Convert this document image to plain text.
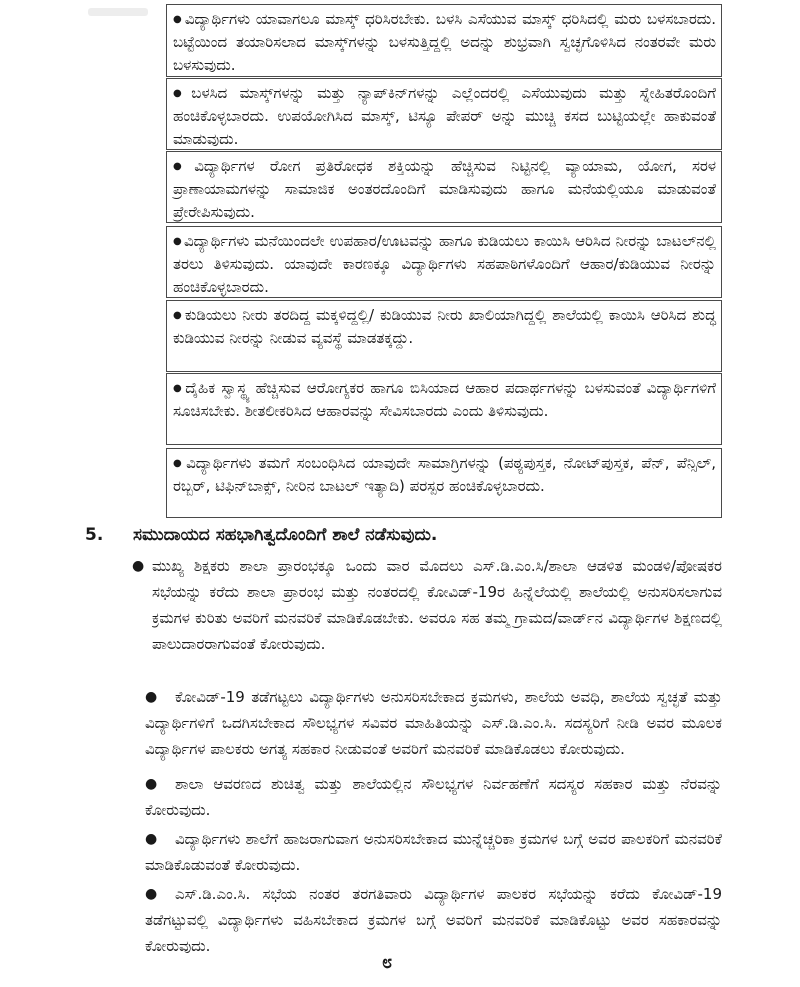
● ವಿದ್ಯಾರ್ಥಿಗಳು ಯಾವಾಗಲೂ ಮಾಸ್ಕ್ ಧರಿಸಿರಬೇಕು. ಬಳಸಿ ಎಸೆಯುವ ಮಾಸ್ಕ್ ಧರಿಸಿದಲ್ಲಿ ಮರು ಬಳಸಬಾರದು. ಬಟ್ಟೆಯಿಂದ ತಯಾರಿಸಲಾದ ಮಾಸ್ಕ್‌ಗಳನ್ನು ಬಳಸುತ್ತಿದ್ದಲ್ಲಿ ಅದನ್ನು ಶುಭ್ರವಾಗಿ ಸ್ವಚ್ಛಗೊಳಿಸಿದ ನಂತರವೇ ಮರು ಬಳಸುವುದು.
● ಬಳಸಿದ ಮಾಸ್ಕ್‌ಗಳನ್ನು ಮತ್ತು ನ್ಯಾಪ್‌ಕಿನ್‌ಗಳನ್ನು ಎಲ್ಲೆಂದರಲ್ಲಿ ಎಸೆಯುವುದು ಮತ್ತು ಸ್ನೇಹಿತರೊಂದಿಗೆ ಹಂಚಿಕೊಳ್ಳಬಾರದು. ಉಪಯೋಗಿಸಿದ ಮಾಸ್ಕ್, ಟಿಸ್ಯೂ ಪೇಪರ್ ಅನ್ನು ಮುಚ್ಚಿ ಕಸದ ಬುಟ್ಟಿಯಲ್ಲೇ ಹಾಕುವಂತೆ ಮಾಡುವುದು.
● ವಿದ್ಯಾರ್ಥಿಗಳ ರೋಗ ಪ್ರತಿರೋಧಕ ಶಕ್ತಿಯನ್ನು ಹೆಚ್ಚಿಸುವ ನಿಟ್ಟಿನಲ್ಲಿ ವ್ಯಾಯಾಮ, ಯೋಗ, ಸರಳ ಪ್ರಾಣಾಯಾಮಗಳನ್ನು ಸಾಮಾಜಿಕ ಅಂತರದೊಂದಿಗೆ ಮಾಡಿಸುವುದು ಹಾಗೂ ಮನೆಯಲ್ಲಿಯೂ ಮಾಡುವಂತೆ ಪ್ರೇರೇಪಿಸುವುದು.
● ವಿದ್ಯಾರ್ಥಿಗಳು ಮನೆಯಿಂದಲೇ ಉಪಹಾರ/ಊಟವನ್ನು ಹಾಗೂ ಕುಡಿಯಲು ಕಾಯಿಸಿ ಆರಿಸಿದ ನೀರನ್ನು ಬಾಟಲ್‌ನಲ್ಲಿ ತರಲು ತಿಳಿಸುವುದು. ಯಾವುದೇ ಕಾರಣಕ್ಕೂ ವಿದ್ಯಾರ್ಥಿಗಳು ಸಹಪಾಠಿಗಳೊಂದಿಗೆ ಆಹಾರ/ಕುಡಿಯುವ ನೀರನ್ನು ಹಂಚಿಕೊಳ್ಳಬಾರದು.
● ಕುಡಿಯಲು ನೀರು ತರದಿದ್ದ ಮಕ್ಕಳಿದ್ದಲ್ಲಿ/ ಕುಡಿಯುವ ನೀರು ಖಾಲಿಯಾಗಿದ್ದಲ್ಲಿ ಶಾಲೆಯಲ್ಲಿ ಕಾಯಿಸಿ ಆರಿಸಿದ ಶುದ್ಧ ಕುಡಿಯುವ ನೀರನ್ನು ನೀಡುವ ವ್ಯವಸ್ಥೆ ಮಾಡತಕ್ಕದ್ದು.
● ದೈಹಿಕ ಸ್ವಾಸ್ಥ್ಯ ಹೆಚ್ಚಿಸುವ ಆರೋಗ್ಯಕರ ಹಾಗೂ ಬಿಸಿಯಾದ ಆಹಾರ ಪದಾರ್ಥಗಳನ್ನು ಬಳಸುವಂತೆ ವಿದ್ಯಾರ್ಥಿಗಳಿಗೆ ಸೂಚಿಸಬೇಕು. ಶೀತಲೀಕರಿಸಿದ ಆಹಾರವನ್ನು ಸೇವಿಸಬಾರದು ಎಂದು ತಿಳಿಸುವುದು.
● ವಿದ್ಯಾರ್ಥಿಗಳು ತಮಗೆ ಸಂಬಂಧಿಸಿದ ಯಾವುದೇ ಸಾಮಾಗ್ರಿಗಳನ್ನು (ಪಠ್ಯಪುಸ್ತಕ, ನೋಟ್‌ಪುಸ್ತಕ, ಪೆನ್, ಪೆನ್ಸಿಲ್, ರಬ್ಬರ್, ಟಿಫಿನ್‌ಬಾಕ್ಸ್, ನೀರಿನ ಬಾಟಲ್ ಇತ್ಯಾದಿ) ಪರಸ್ಪರ ಹಂಚಿಕೊಳ್ಳಬಾರದು.
5. ಸಮುದಾಯದ ಸಹಭಾಗಿತ್ವದೊಂದಿಗೆ ಶಾಲೆ ನಡೆಸುವುದು.
● ಮುಖ್ಯ ಶಿಕ್ಷಕರು ಶಾಲಾ ಪ್ರಾರಂಭಕ್ಕೂ ಒಂದು ವಾರ ಮೊದಲು ಎಸ್.ಡಿ.ಎಂ.ಸಿ/ಶಾಲಾ ಆಡಳಿತ ಮಂಡಳಿ/ಪೋಷಕರ ಸಭೆಯನ್ನು ಕರೆದು ಶಾಲಾ ಪ್ರಾರಂಭ ಮತ್ತು ನಂತರದಲ್ಲಿ ಕೋವಿಡ್-19ರ ಹಿನ್ನೆಲೆಯಲ್ಲಿ ಶಾಲೆಯಲ್ಲಿ ಅನುಸರಿಸಲಾಗುವ ಕ್ರಮಗಳ ಕುರಿತು ಅವರಿಗೆ ಮನವರಿಕೆ ಮಾಡಿಕೊಡಬೇಕು. ಅವರೂ ಸಹ ತಮ್ಮ ಗ್ರಾಮದ/ವಾರ್ಡ್‌ನ ವಿದ್ಯಾರ್ಥಿಗಳ ಶಿಕ್ಷಣದಲ್ಲಿ ಪಾಲುದಾರರಾಗುವಂತೆ ಕೋರುವುದು.
●	ಕೋವಿಡ್-19 ತಡೆಗಟ್ಟಲು ವಿದ್ಯಾರ್ಥಿಗಳು ಅನುಸರಿಸಬೇಕಾದ ಕ್ರಮಗಳು, ಶಾಲೆಯ ಅವಧಿ, ಶಾಲೆಯ ಸ್ವಚ್ಛತೆ ಮತ್ತು ವಿದ್ಯಾರ್ಥಿಗಳಿಗೆ ಒದಗಿಸಬೇಕಾದ ಸೌಲಭ್ಯಗಳ ಸವಿವರ ಮಾಹಿತಿಯನ್ನು ಎಸ್.ಡಿ.ಎಂ.ಸಿ. ಸದಸ್ಯರಿಗೆ ನೀಡಿ ಅವರ ಮೂಲಕ ವಿದ್ಯಾರ್ಥಿಗಳ ಪಾಲಕರು ಅಗತ್ಯ ಸಹಕಾರ ನೀಡುವಂತೆ ಅವರಿಗೆ ಮನವರಿಕೆ ಮಾಡಿಕೊಡಲು ಕೋರುವುದು.
●	ಶಾಲಾ ಆವರಣದ ಶುಚಿತ್ವ ಮತ್ತು ಶಾಲೆಯಲ್ಲಿನ ಸೌಲಭ್ಯಗಳ ನಿರ್ವಹಣೆಗೆ ಸದಸ್ಯರ ಸಹಕಾರ ಮತ್ತು ನೆರವನ್ನು ಕೋರುವುದು.
●	ವಿದ್ಯಾರ್ಥಿಗಳು ಶಾಲೆಗೆ ಹಾಜರಾಗುವಾಗ ಅನುಸರಿಸಬೇಕಾದ ಮುನ್ನೆಚ್ಚರಿಕಾ ಕ್ರಮಗಳ ಬಗ್ಗೆ ಅವರ ಪಾಲಕರಿಗೆ ಮನವರಿಕೆ ಮಾಡಿಕೊಡುವಂತೆ ಕೋರುವುದು.
●	ಎಸ್.ಡಿ.ಎಂ.ಸಿ. ಸಭೆಯ ನಂತರ ತರಗತಿವಾರು ವಿದ್ಯಾರ್ಥಿಗಳ ಪಾಲಕರ ಸಭೆಯನ್ನು ಕರೆದು ಕೋವಿಡ್-19 ತಡೆಗಟ್ಟುವಲ್ಲಿ ವಿದ್ಯಾರ್ಥಿಗಳು ವಹಿಸಬೇಕಾದ ಕ್ರಮಗಳ ಬಗ್ಗೆ ಅವರಿಗೆ ಮನವರಿಕೆ ಮಾಡಿಕೊಟ್ಟು ಅವರ ಸಹಕಾರವನ್ನು ಕೋರುವುದು.
೮
